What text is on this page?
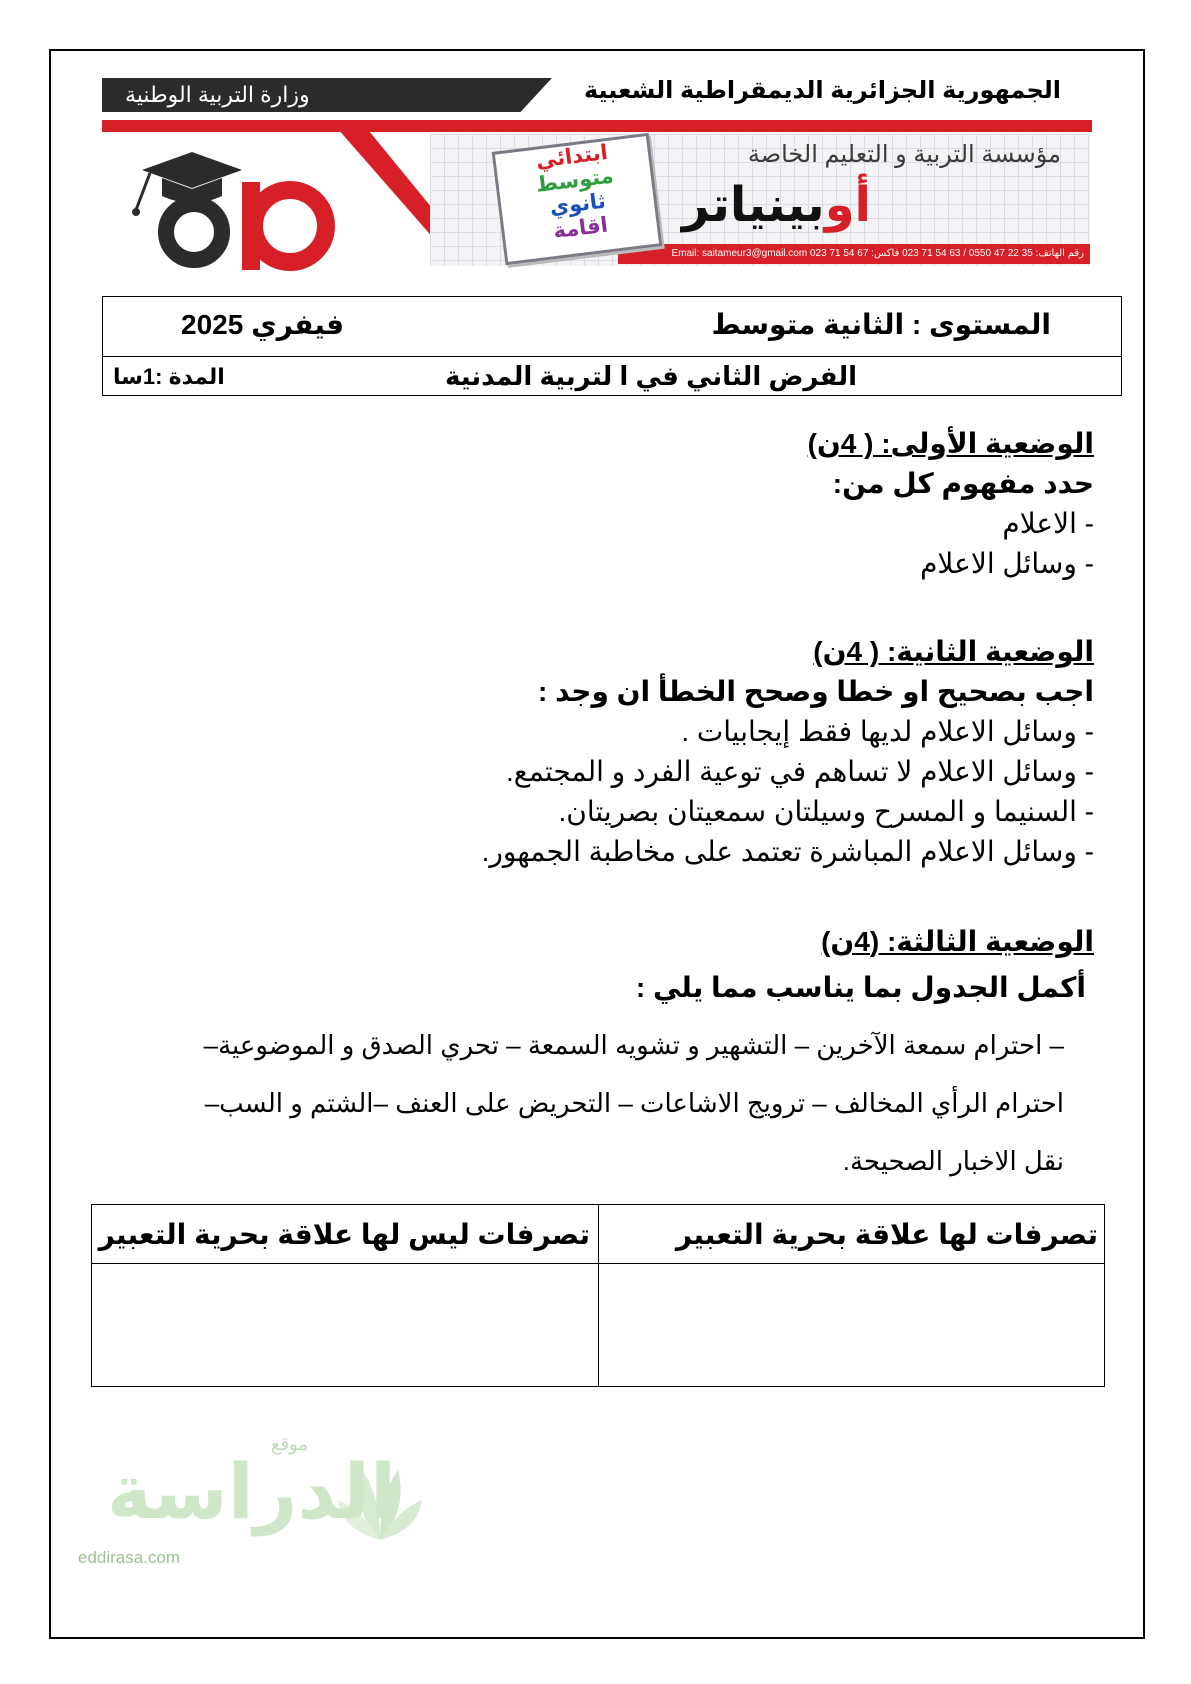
وزارة التربية الوطنية	الجمهورية الجزائرية الديمقراطية الشعبية
مؤسسة التربية و التعليم الخاصة
أوبينياتر
رقم الهاتف: 35 22 47 0550 / 63 54 71 023 فاكس: 67 54 71 023 Email: saitameur3@gmail.com
ابتدائي
متوسط
ثانوي
اقامة
المستوى : الثانية متوسط
فيفري 2025
الفرض الثاني في ا لتربية المدنية
المدة :1سا

الوضعية الأولى: ( 4ن)

حدد مفهوم كل من:

- الاعلام

- وسائل الاعلام

الوضعية الثانية: ( 4ن)

اجب بصحيح او خطا وصحح الخطأ ان وجد :

- وسائل الاعلام لديها فقط إيجابيات .

- وسائل الاعلام لا تساهم في توعية الفرد و المجتمع.

- السنيما و المسرح وسيلتان سمعيتان بصريتان.

- وسائل الاعلام المباشرة تعتمد على مخاطبة الجمهور.

الوضعية الثالثة: (4ن)

أكمل الجدول بما يناسب مما يلي :

– احترام سمعة الآخرين – التشهير و تشويه السمعة – تحري الصدق و الموضوعية–

احترام الرأي المخالف – ترويج الاشاعات – التحريض على العنف –الشتم و السب–

نقل الاخبار الصحيحة.

تصرفات لها علاقة بحرية التعبير
تصرفات ليس لها علاقة بحرية التعبير
موقع
الدراسة
eddirasa.com
